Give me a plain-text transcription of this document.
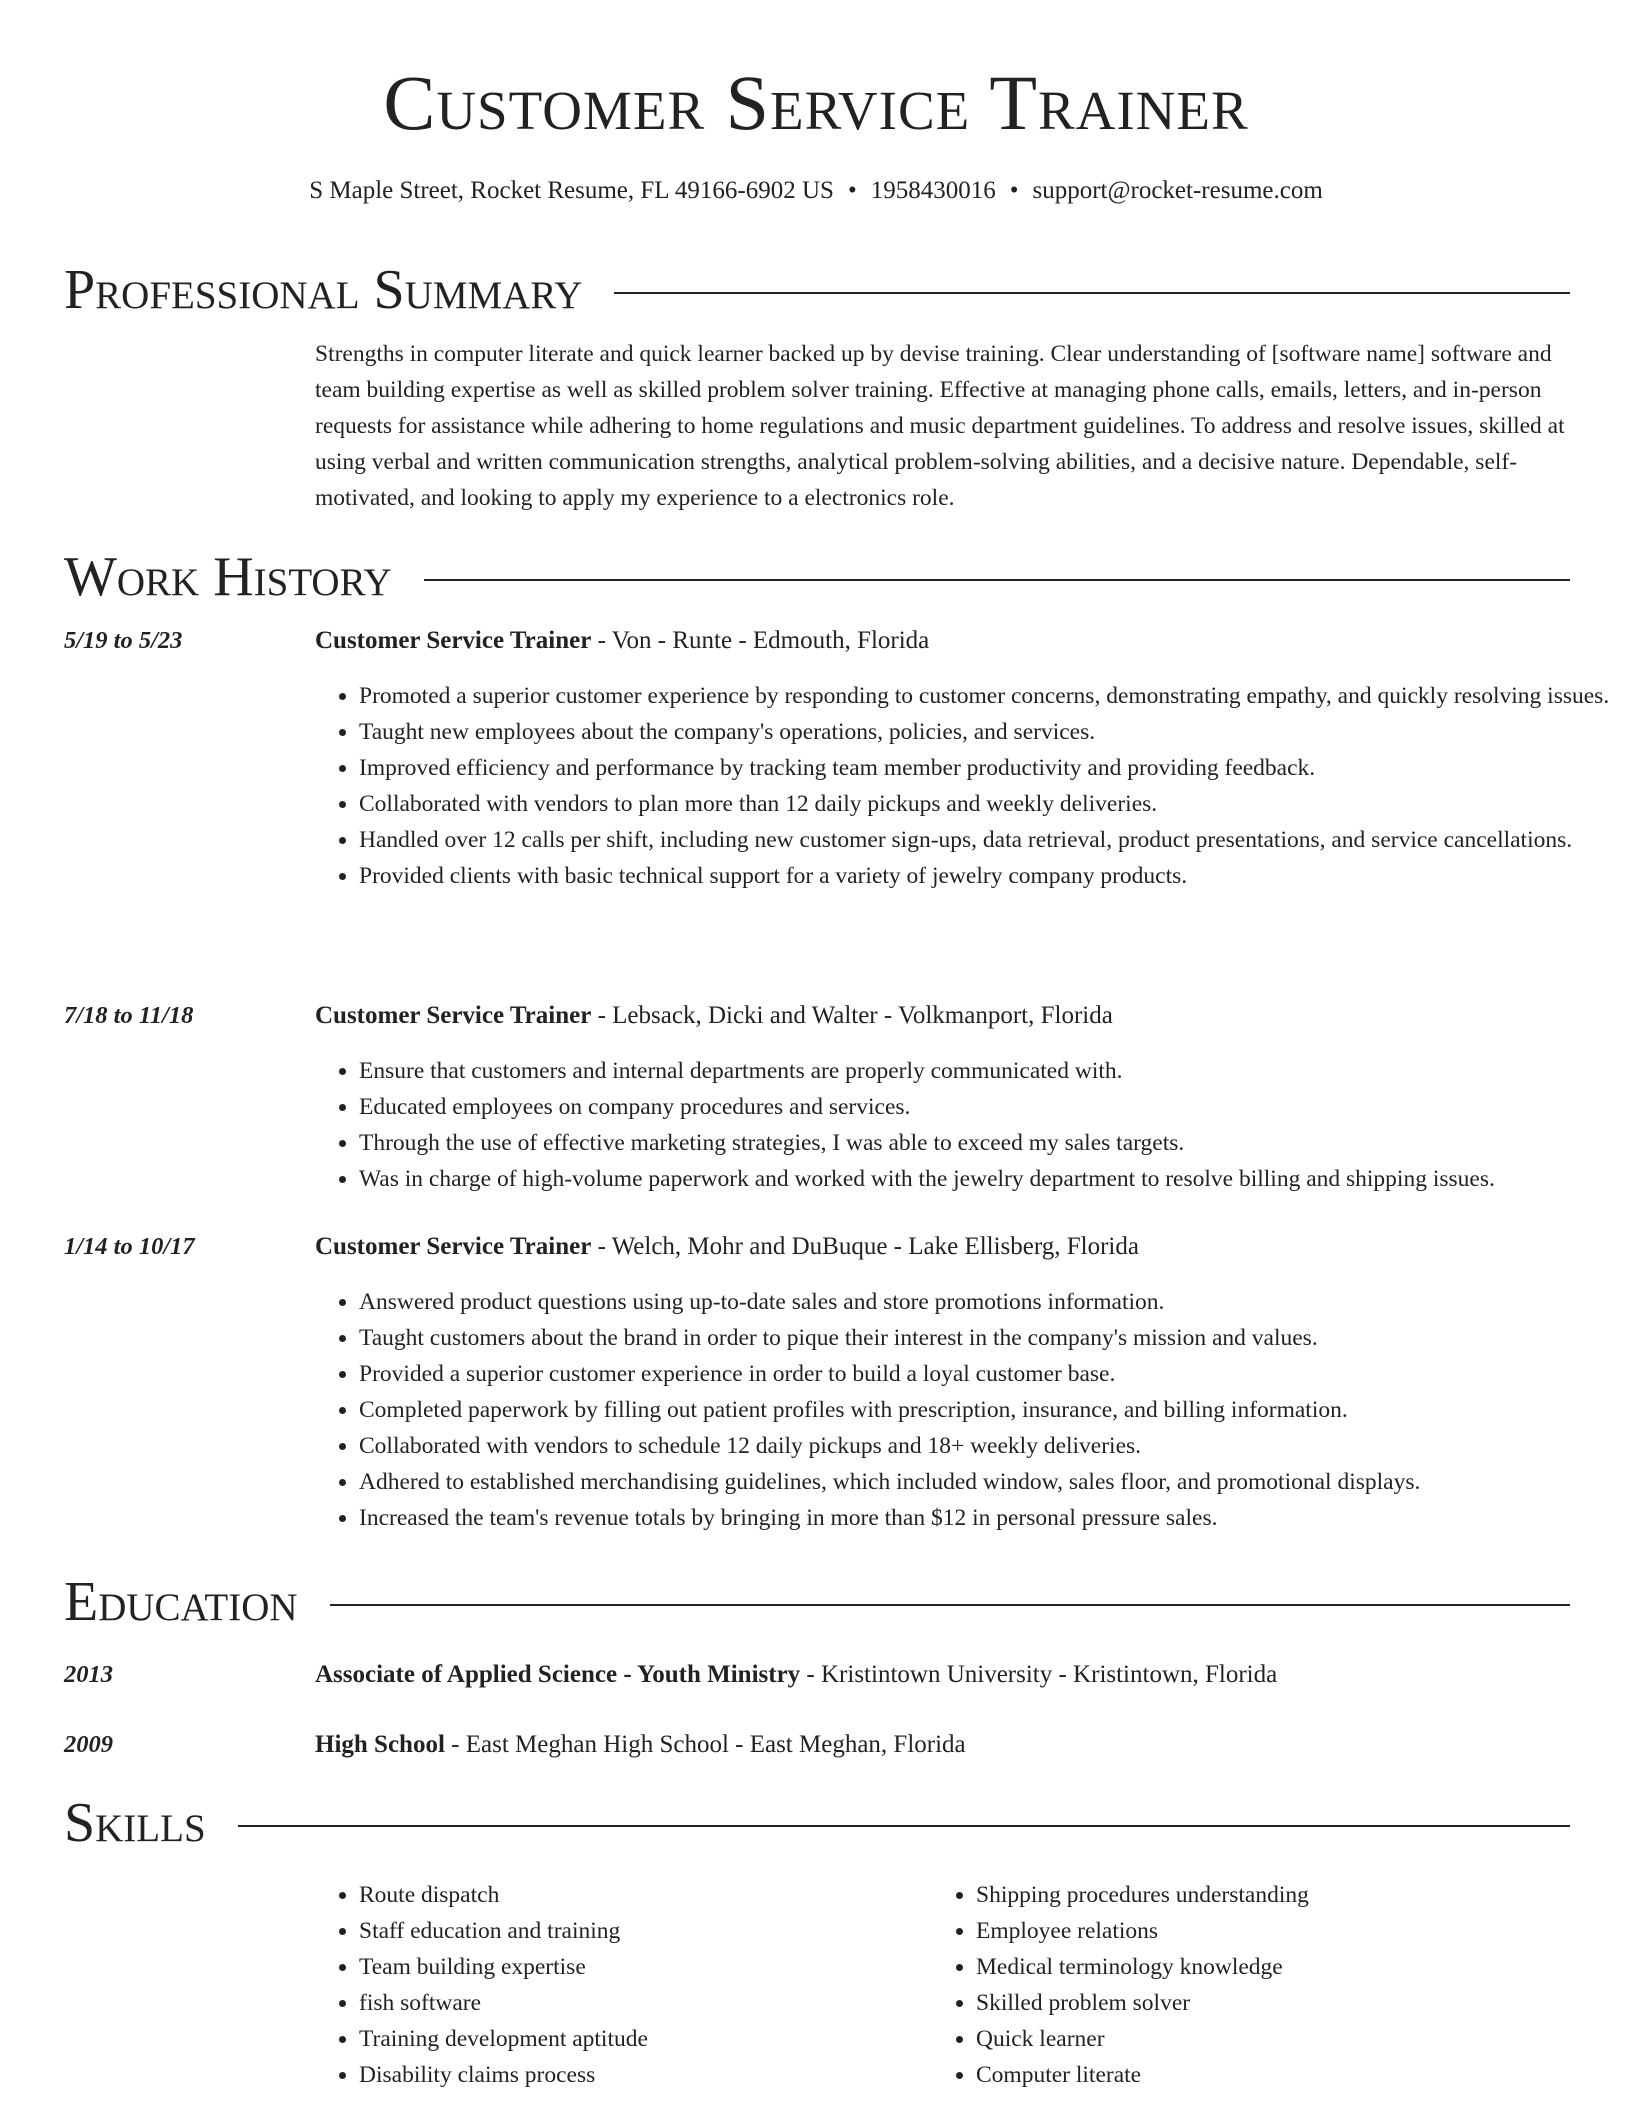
Customer Service Trainer
S Maple Street, Rocket Resume, FL 49166-6902 US • 1958430016 • support@rocket-resume.com
Professional Summary

Strengths in computer literate and quick learner backed up by devise training. Clear understanding of [software name] software and team building expertise as well as skilled problem solver training. Effective at managing phone calls, emails, letters, and in-person requests for assistance while adhering to home regulations and music department guidelines. To address and resolve issues, skilled at using verbal and written communication strengths, analytical problem-solving abilities, and a decisive nature. Dependable, self-motivated, and looking to apply my experience to a electronics role.

Work History
5/19 to 5/23	Customer Service Trainer - Von - Runte - Edmouth, Florida
• Promoted a superior customer experience by responding to customer concerns, demonstrating empathy, and quickly resolving issues.
• Taught new employees about the company's operations, policies, and services.
• Improved efficiency and performance by tracking team member productivity and providing feedback.
• Collaborated with vendors to plan more than 12 daily pickups and weekly deliveries.
• Handled over 12 calls per shift, including new customer sign-ups, data retrieval, product presentations, and service cancellations.
• Provided clients with basic technical support for a variety of jewelry company products.
7/18 to 11/18	Customer Service Trainer - Lebsack, Dicki and Walter - Volkmanport, Florida
• Ensure that customers and internal departments are properly communicated with.
• Educated employees on company procedures and services.
• Through the use of effective marketing strategies, I was able to exceed my sales targets.
• Was in charge of high-volume paperwork and worked with the jewelry department to resolve billing and shipping issues.
1/14 to 10/17	Customer Service Trainer - Welch, Mohr and DuBuque - Lake Ellisberg, Florida
• Answered product questions using up-to-date sales and store promotions information.
• Taught customers about the brand in order to pique their interest in the company's mission and values.
• Provided a superior customer experience in order to build a loyal customer base.
• Completed paperwork by filling out patient profiles with prescription, insurance, and billing information.
• Collaborated with vendors to schedule 12 daily pickups and 18+ weekly deliveries.
• Adhered to established merchandising guidelines, which included window, sales floor, and promotional displays.
• Increased the team's revenue totals by bringing in more than $12 in personal pressure sales.
Education
2013	Associate of Applied Science - Youth Ministry - Kristintown University - Kristintown, Florida
2009	High School - East Meghan High School - East Meghan, Florida
Skills
• Route dispatch
• Staff education and training
• Team building expertise
• fish software
• Training development aptitude
• Disability claims process
• Shipping procedures understanding
• Employee relations
• Medical terminology knowledge
• Skilled problem solver
• Quick learner
• Computer literate
